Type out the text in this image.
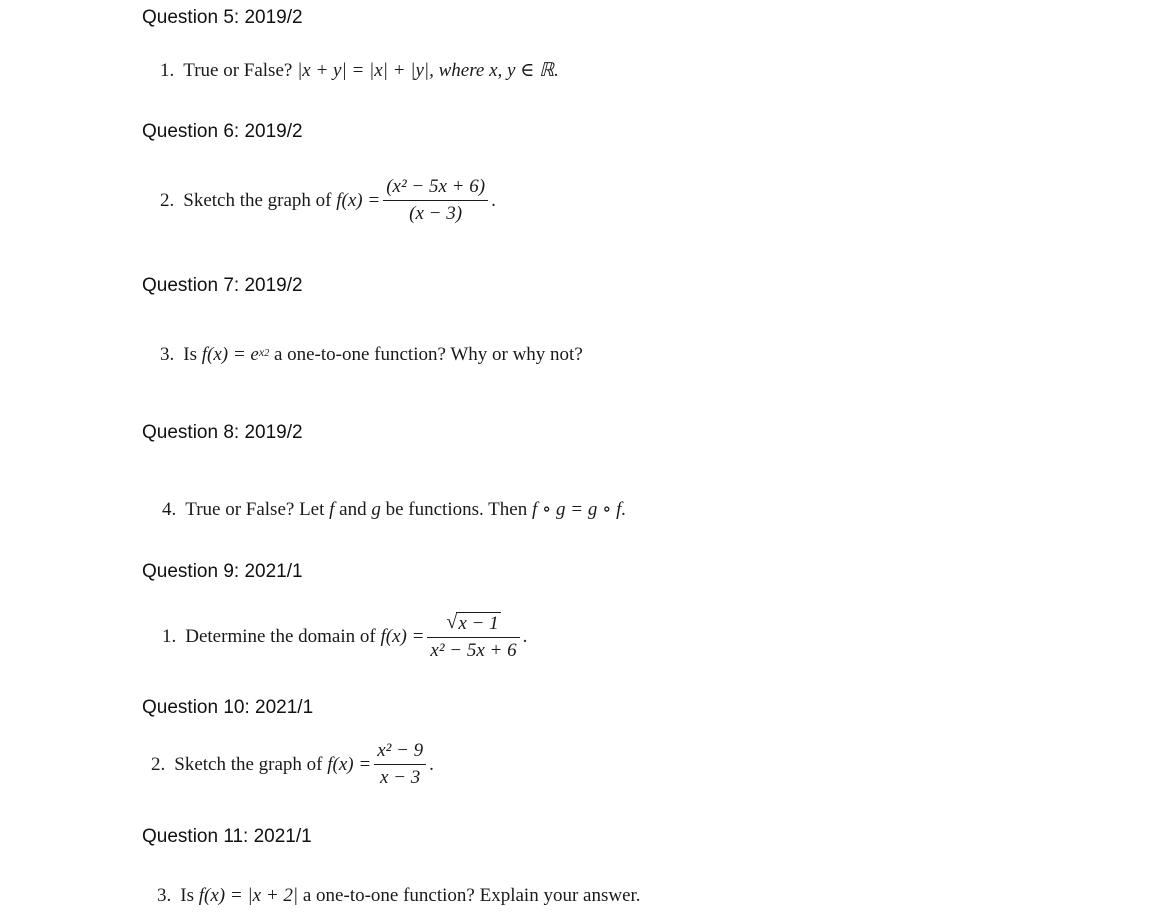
Question 5: 2019/2
1. True or False?
|x + y| = |x| + |y|, where x, y ∈ ℝ.
Question 6: 2019/2
2. Sketch the graph of
$f(x) = \frac{\text{(x² − 5x + 6)}}{(x - 3)}$ .
Question 7: 2019/2
3. Is
f(x) = e $^{x2}$
a one-to-one function? Why or why not?
Question 8: 2019/2
4. True or False? Let
f
and
g
be functions. Then
f ∘ g = g ∘ f.
Question 9: 2021/1
1. Determine the domain of
$f(x) = \frac{√ x - 1}{\text{x² − 5x + 6}}$ .
Question 10: 2021/1
2. Sketch the graph of
$f(x) = \frac{\text{x² − 9}}{x - 3}$ .
Question 11: 2021/1
3. Is
f(x) = |x + 2|
a one-to-one function? Explain your answer.
